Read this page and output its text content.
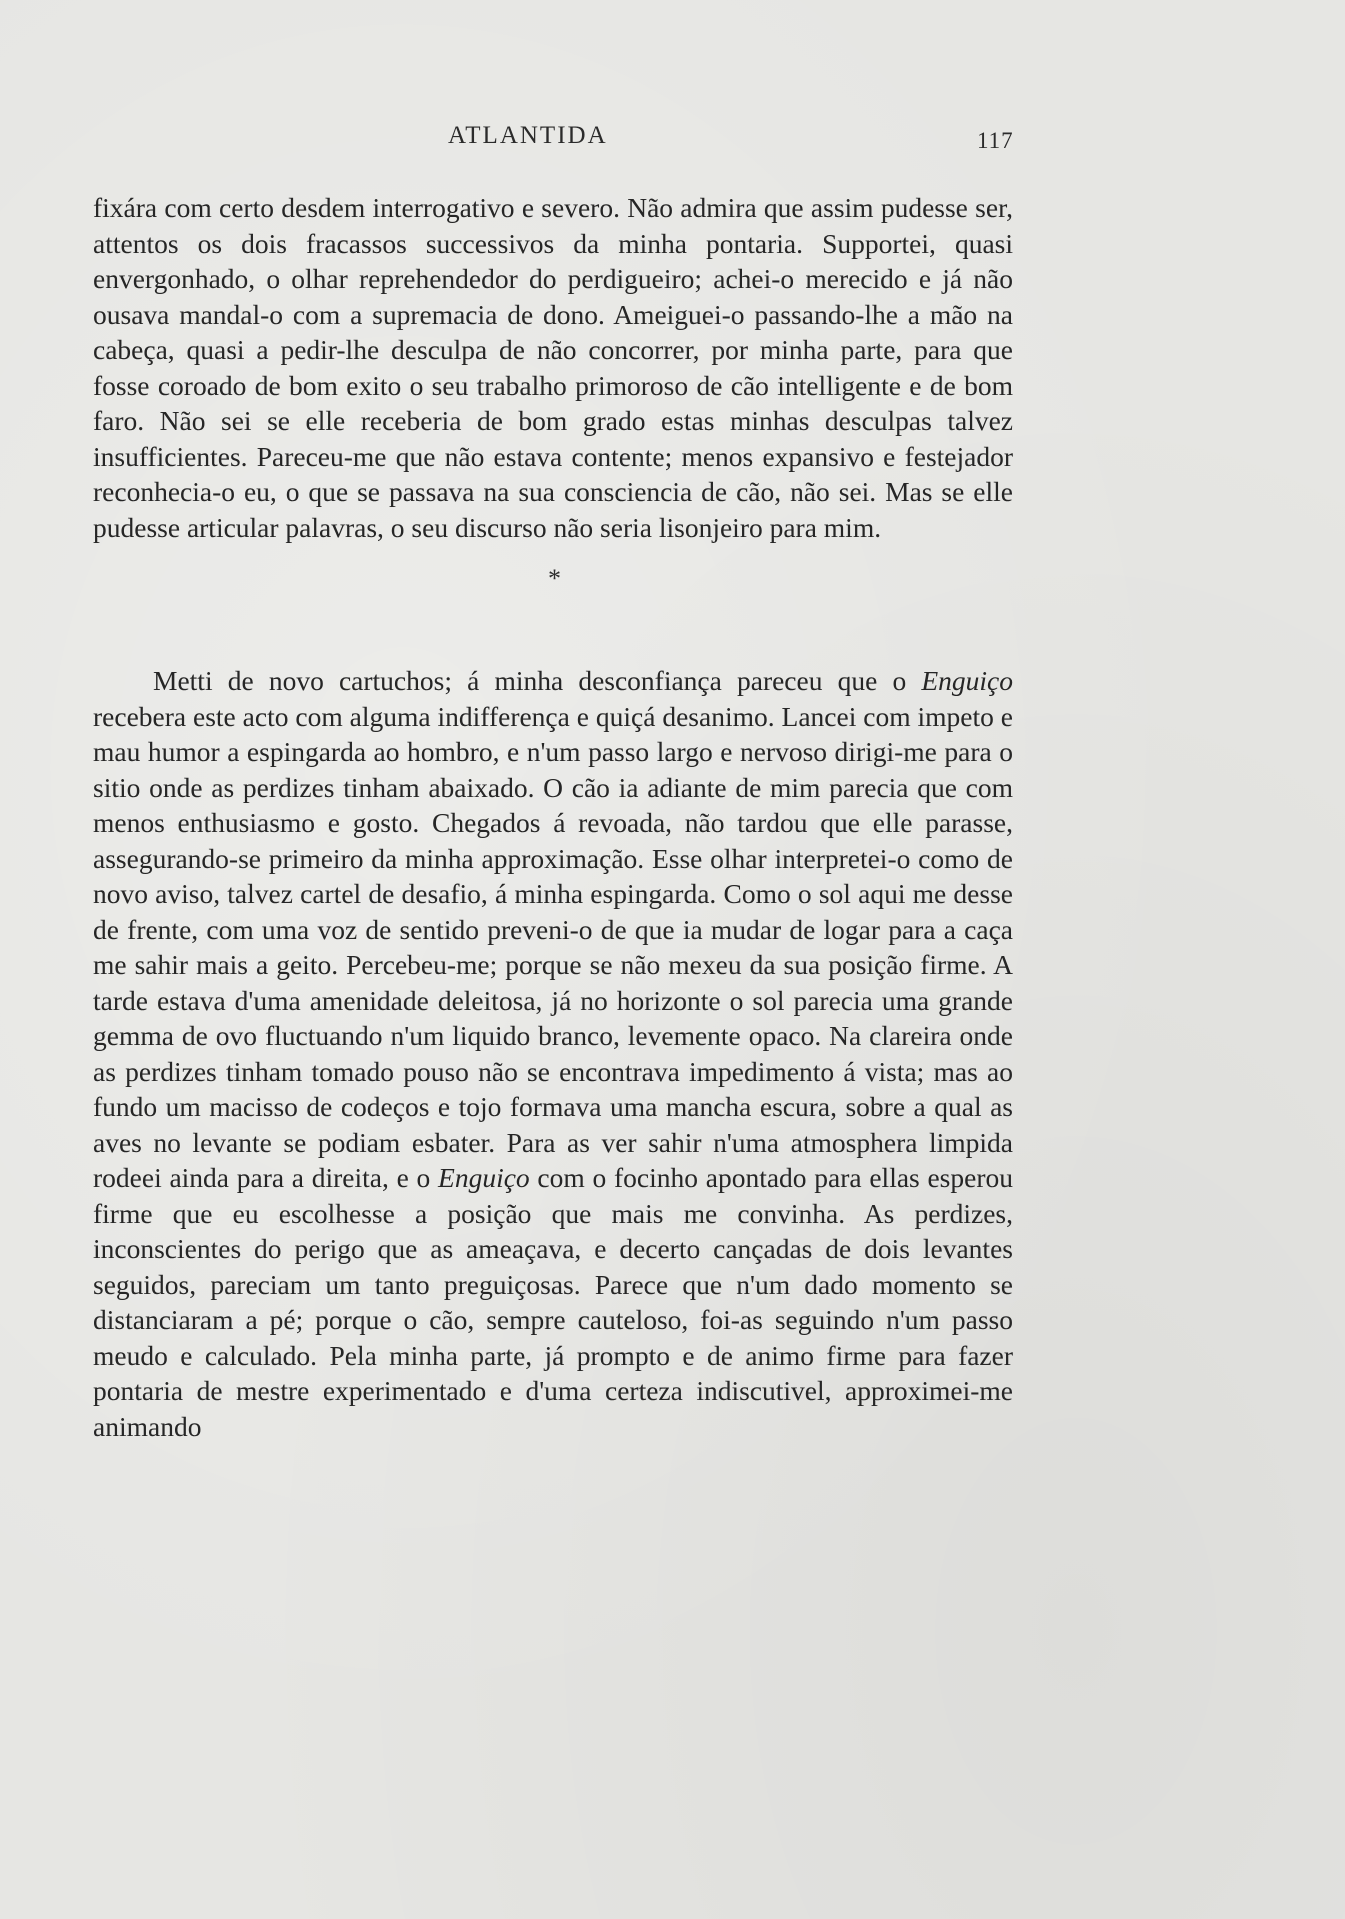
ATLANTIDA	117

fixára com certo desdem interrogativo e severo. Não admira que assim pudesse ser, attentos os dois fracassos successivos da minha pontaria. Supportei, quasi envergonhado, o olhar reprehendedor do perdigueiro; achei-o merecido e já não ousava mandal-o com a supremacia de dono. Ameiguei-o passando-lhe a mão na cabeça, quasi a pedir-lhe desculpa de não concorrer, por minha parte, para que fosse coroado de bom exito o seu trabalho primoroso de cão intelligente e de bom faro. Não sei se elle receberia de bom grado estas minhas desculpas talvez insufficientes. Pareceu-me que não estava contente; menos expansivo e festejador reconhecia-o eu, o que se passava na sua consciencia de cão, não sei. Mas se elle pudesse articular palavras, o seu discurso não seria lisonjeiro para mim.

*

Metti de novo cartuchos; á minha desconfiança pareceu que o Enguiço recebera este acto com alguma indifferença e quiçá desanimo. Lancei com impeto e mau humor a espingarda ao hombro, e n'um passo largo e nervoso dirigi-me para o sitio onde as perdizes tinham abaixado. O cão ia adiante de mim parecia que com menos enthusiasmo e gosto. Chegados á revoada, não tardou que elle parasse, assegurando-se primeiro da minha approximação. Esse olhar interpretei-o como de novo aviso, talvez cartel de desafio, á minha espingarda. Como o sol aqui me desse de frente, com uma voz de sentido preveni-o de que ia mudar de logar para a caça me sahir mais a geito. Percebeu-me; porque se não mexeu da sua posição firme. A tarde estava d'uma amenidade deleitosa, já no horizonte o sol parecia uma grande gemma de ovo fluctuando n'um liquido branco, levemente opaco. Na clareira onde as perdizes tinham tomado pouso não se encontrava impedimento á vista; mas ao fundo um macisso de codeços e tojo formava uma mancha escura, sobre a qual as aves no levante se podiam esbater. Para as ver sahir n'uma atmosphera limpida rodeei ainda para a direita, e o Enguiço com o focinho apontado para ellas esperou firme que eu escolhesse a posição que mais me convinha. As perdizes, inconscientes do perigo que as ameaçava, e decerto cançadas de dois levantes seguidos, pareciam um tanto preguiçosas. Parece que n'um dado momento se distanciaram a pé; porque o cão, sempre cauteloso, foi-as seguindo n'um passo meudo e calculado. Pela minha parte, já prompto e de animo firme para fazer pontaria de mestre experimentado e d'uma certeza indiscutivel, approximei-me animando
